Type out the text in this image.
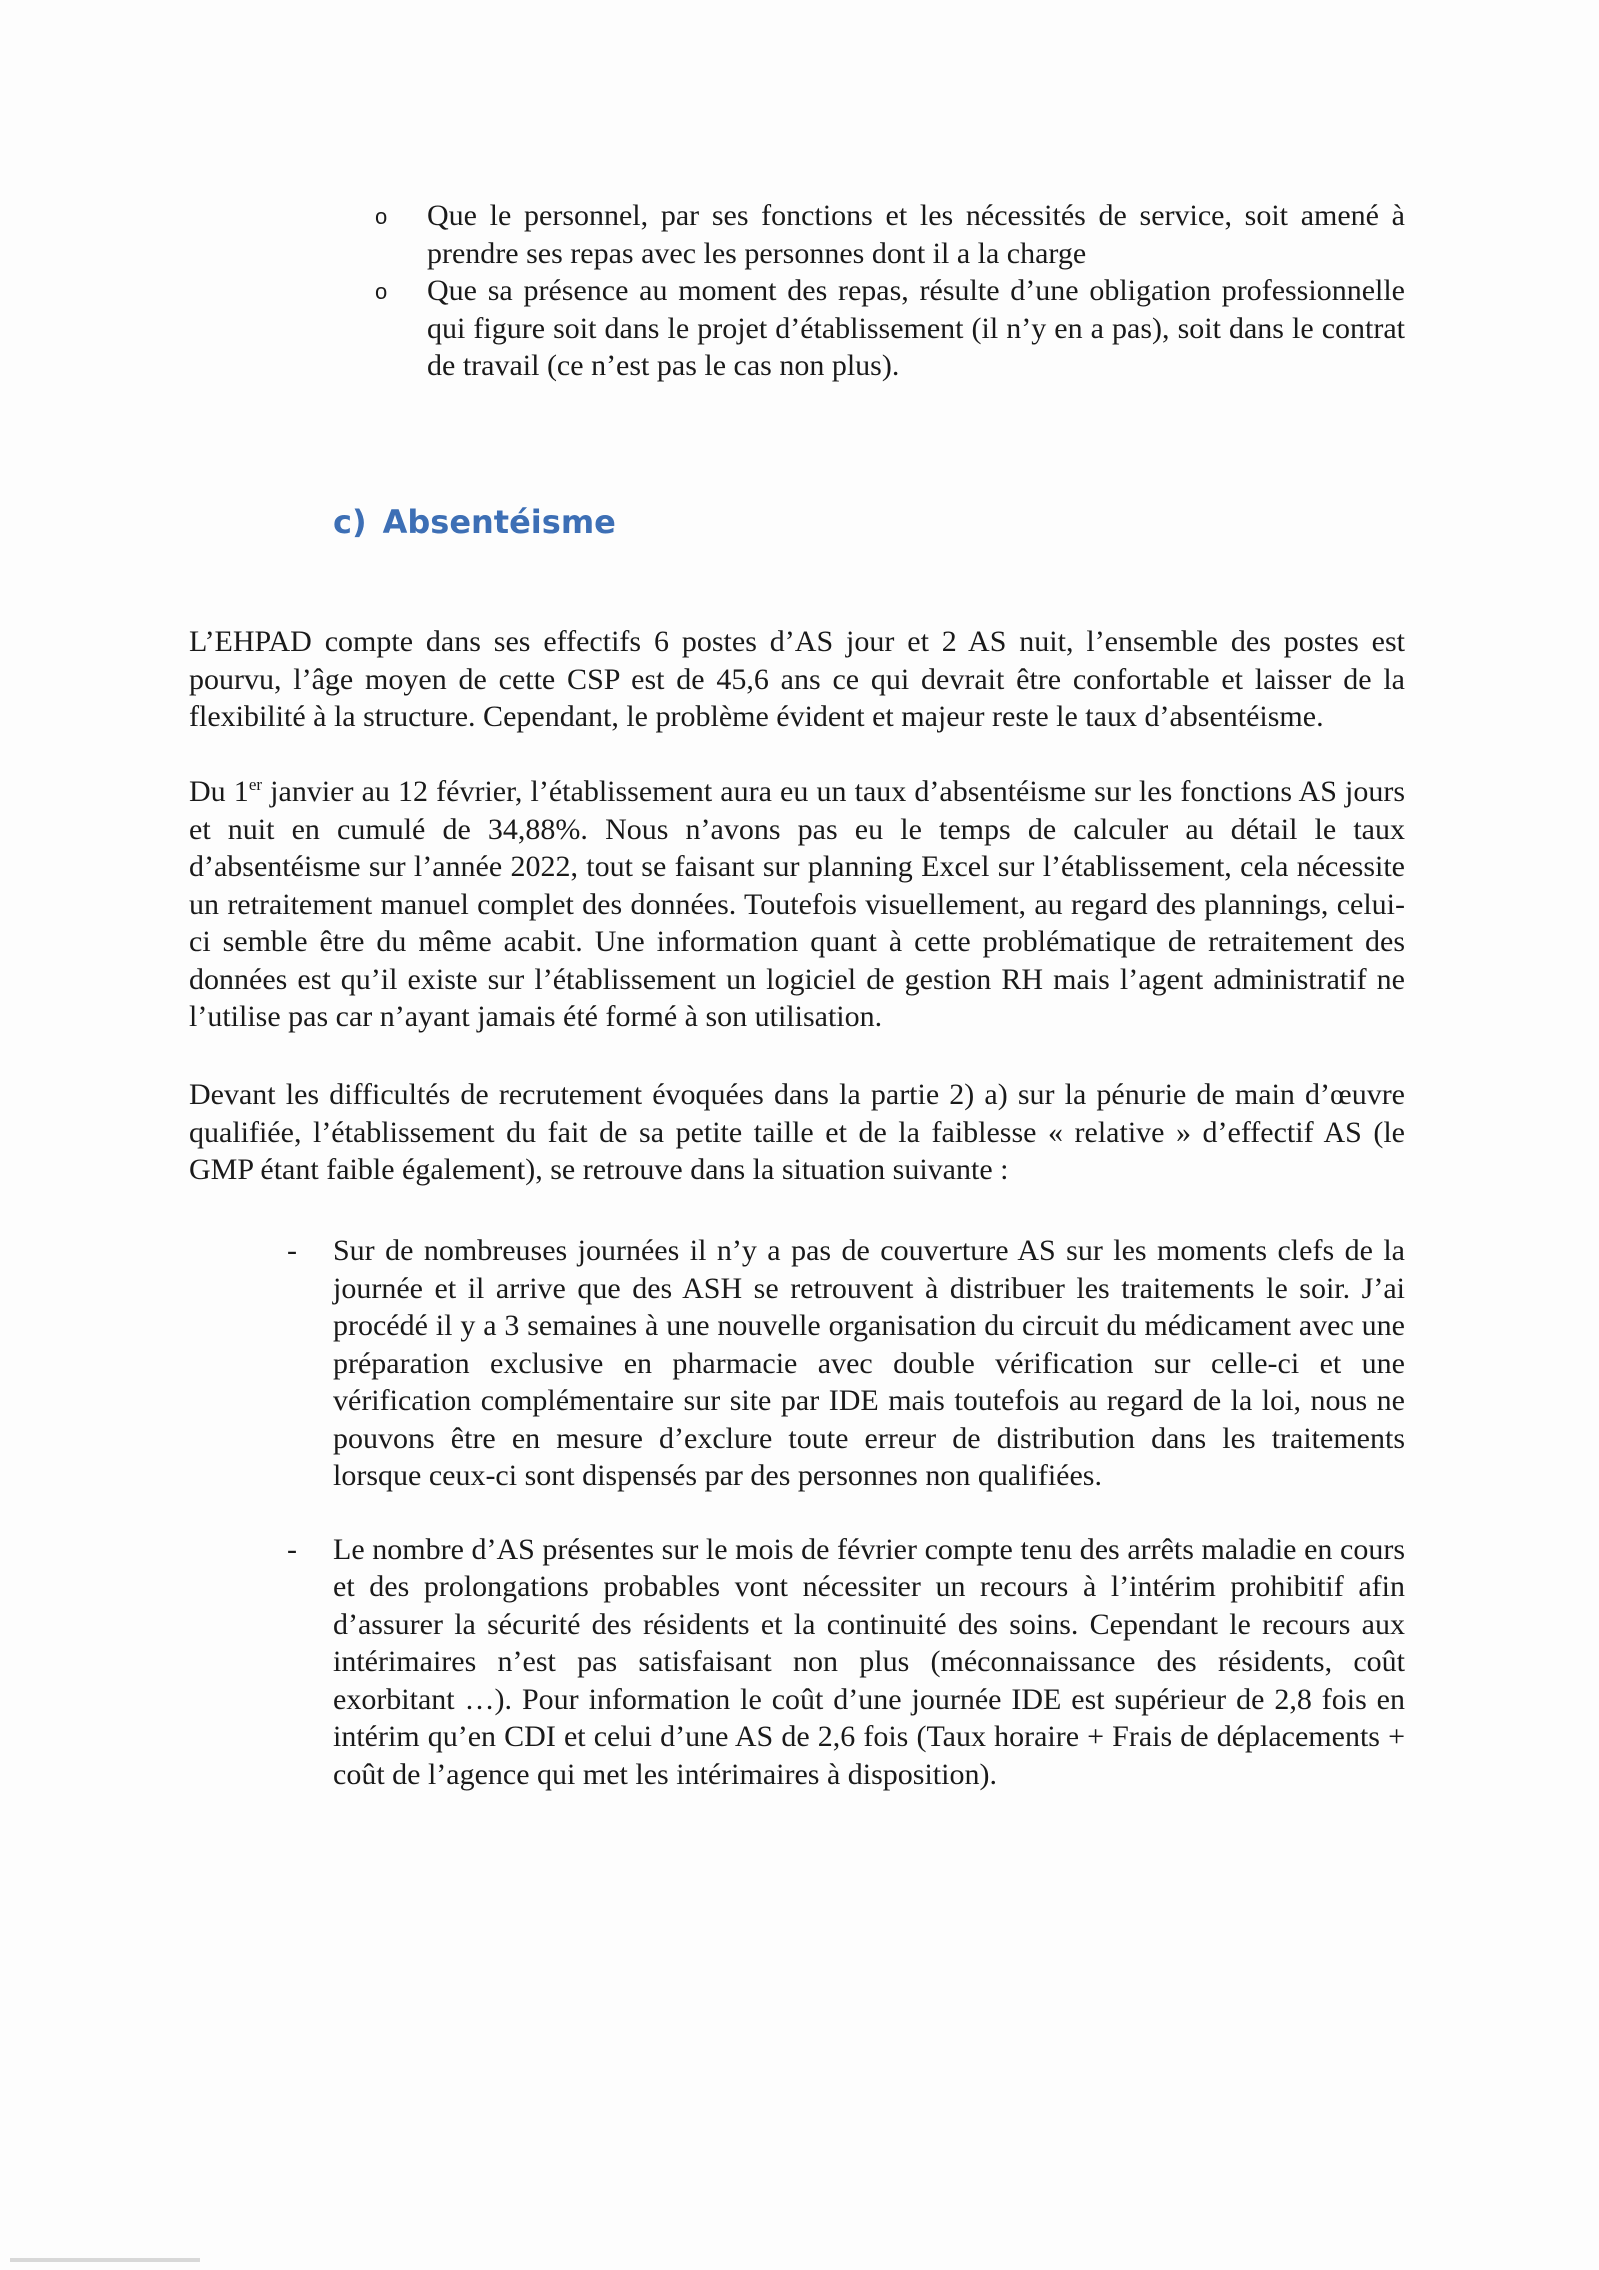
o Que le personnel, par ses fonctions et les nécessités de service, soit amené à prendre ses repas avec les personnes dont il a la charge

o Que sa présence au moment des repas, résulte d’une obligation professionnelle qui figure soit dans le projet d’établissement (il n’y en a pas), soit dans le contrat de travail (ce n’est pas le cas non plus).

c) Absentéisme

L’EHPAD compte dans ses effectifs 6 postes d’AS jour et 2 AS nuit, l’ensemble des postes est pourvu, l’âge moyen de cette CSP est de 45,6 ans ce qui devrait être confortable et laisser de la flexibilité à la structure. Cependant, le problème évident et majeur reste le taux d’absentéisme.

Du 1er janvier au 12 février, l’établissement aura eu un taux d’absentéisme sur les fonctions AS jours et nuit en cumulé de 34,88%. Nous n’avons pas eu le temps de calculer au détail le taux d’absentéisme sur l’année 2022, tout se faisant sur planning Excel sur l’établissement, cela nécessite un retraitement manuel complet des données. Toutefois visuellement, au regard des plannings, celui-ci semble être du même acabit. Une information quant à cette problématique de retraitement des données est qu’il existe sur l’établissement un logiciel de gestion RH mais l’agent administratif ne l’utilise pas car n’ayant jamais été formé à son utilisation.

Devant les difficultés de recrutement évoquées dans la partie 2) a) sur la pénurie de main d’œuvre qualifiée, l’établissement du fait de sa petite taille et de la faiblesse « relative » d’effectif AS (le GMP étant faible également), se retrouve dans la situation suivante :

- Sur de nombreuses journées il n’y a pas de couverture AS sur les moments clefs de la journée et il arrive que des ASH se retrouvent à distribuer les traitements le soir. J’ai procédé il y a 3 semaines à une nouvelle organisation du circuit du médicament avec une préparation exclusive en pharmacie avec double vérification sur celle-ci et une vérification complémentaire sur site par IDE mais toutefois au regard de la loi, nous ne pouvons être en mesure d’exclure toute erreur de distribution dans les traitements lorsque ceux-ci sont dispensés par des personnes non qualifiées.

- Le nombre d’AS présentes sur le mois de février compte tenu des arrêts maladie en cours et des prolongations probables vont nécessiter un recours à l’intérim prohibitif afin d’assurer la sécurité des résidents et la continuité des soins. Cependant le recours aux intérimaires n’est pas satisfaisant non plus (méconnaissance des résidents, coût exorbitant …). Pour information le coût d’une journée IDE est supérieur de 2,8 fois en intérim qu’en CDI et celui d’une AS de 2,6 fois (Taux horaire + Frais de déplacements + coût de l’agence qui met les intérimaires à disposition).
